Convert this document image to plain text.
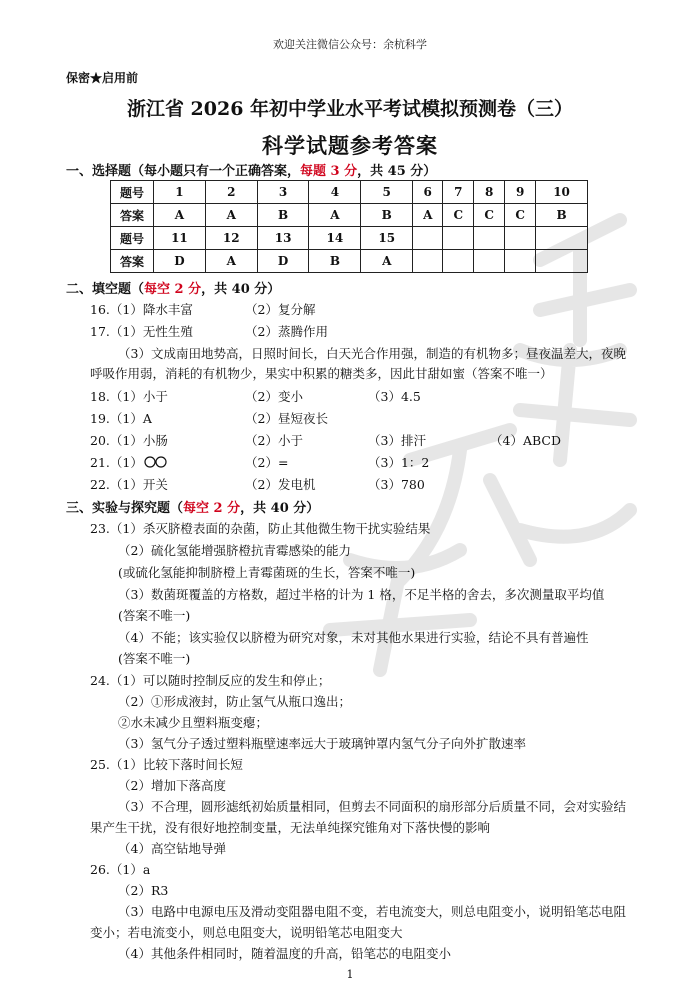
欢迎关注微信公众号：余杭科学
保密★启用前
浙江省 2026 年初中学业水平考试模拟预测卷（三）
科学试题参考答案
一、选择题（每小题只有一个正确答案，每题 3 分，共 45 分）
题号	1	2	3	4	5	6	7	8	9	10
答案	A	A	B	A	B	A	C	C	C	B
题号	11	12	13	14	15					
答案	D	A	D	B	A					
二、填空题（每空 2 分，共 40 分）
16.（1）降水丰富	（2）复分解
17.（1）无性生殖	（2）蒸腾作用
（3）文成南田地势高，日照时间长，白天光合作用强，制造的有机物多；昼夜温差大，夜晚
呼吸作用弱，消耗的有机物少，果实中积累的糖类多，因此甘甜如蜜（答案不唯一）
18.（1）小于	（2）变小	（3）4.5
19.（1）A	（2）昼短夜长
20.（1）小肠	（2）小于	（3）排汗	（4）ABCD
21.（1）	（2）=	（3）1：2
22.（1）开关	（2）发电机	（3）780
三、实验与探究题（每空 2 分，共 40 分）
23.（1）杀灭脐橙表面的杂菌，防止其他微生物干扰实验结果
（2）硫化氢能增强脐橙抗青霉感染的能力
(或硫化氢能抑制脐橙上青霉菌斑的生长，答案不唯一)
（3）数菌斑覆盖的方格数，超过半格的计为 1 格，不足半格的舍去，多次测量取平均值
(答案不唯一)
（4）不能；该实验仅以脐橙为研究对象，未对其他水果进行实验，结论不具有普遍性
(答案不唯一)
24.（1）可以随时控制反应的发生和停止；
（2）①形成液封，防止氢气从瓶口逸出；
②水未减少且塑料瓶变瘪；
（3）氢气分子透过塑料瓶壁速率远大于玻璃钟罩内氢气分子向外扩散速率
25.（1）比较下落时间长短
（2）增加下落高度
（3）不合理，圆形滤纸初始质量相同，但剪去不同面积的扇形部分后质量不同，会对实验结
果产生干扰，没有很好地控制变量，无法单纯探究锥角对下落快慢的影响
（4）高空钻地导弹
26.（1）a
（2）R3
（3）电路中电源电压及滑动变阻器电阻不变，若电流变大，则总电阻变小，说明铅笔芯电阻
变小；若电流变小，则总电阻变大，说明铅笔芯电阻变大
（4）其他条件相同时，随着温度的升高，铅笔芯的电阻变小
1
